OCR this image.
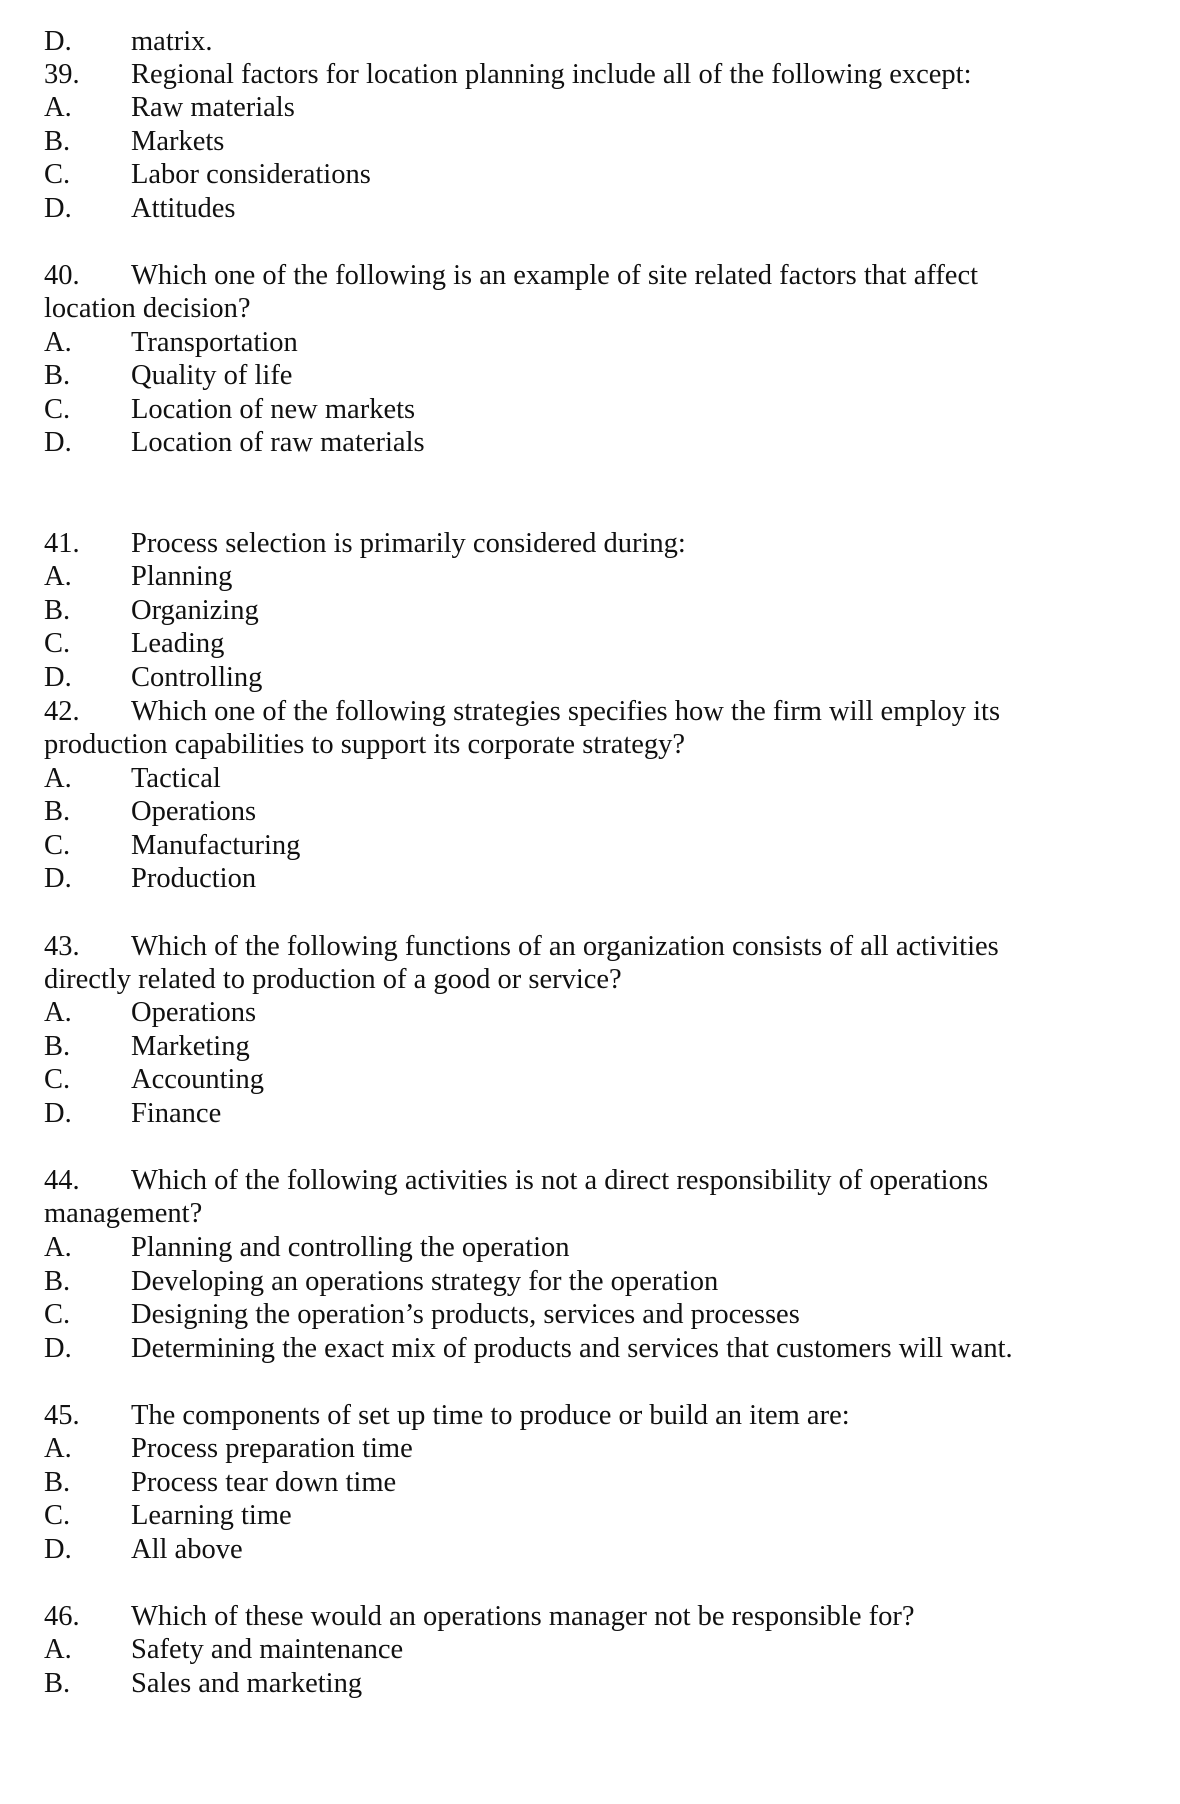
D. matrix.
39. Regional factors for location planning include all of the following except:
A. Raw materials
B. Markets
C. Labor considerations
D. Attitudes
40. Which one of the following is an example of site related factors that affect
location decision?
A. Transportation
B. Quality of life
C. Location of new markets
D. Location of raw materials
41. Process selection is primarily considered during:
A. Planning
B. Organizing
C. Leading
D. Controlling
42. Which one of the following strategies specifies how the firm will employ its
production capabilities to support its corporate strategy?
A. Tactical
B. Operations
C. Manufacturing
D. Production
43. Which of the following functions of an organization consists of all activities
directly related to production of a good or service?
A. Operations
B. Marketing
C. Accounting
D. Finance
44. Which of the following activities is not a direct responsibility of operations
management?
A. Planning and controlling the operation
B. Developing an operations strategy for the operation
C. Designing the operation’s products, services and processes
D. Determining the exact mix of products and services that customers will want.
45. The components of set up time to produce or build an item are:
A. Process preparation time
B. Process tear down time
C. Learning time
D. All above
46. Which of these would an operations manager not be responsible for?
A. Safety and maintenance
B. Sales and marketing
